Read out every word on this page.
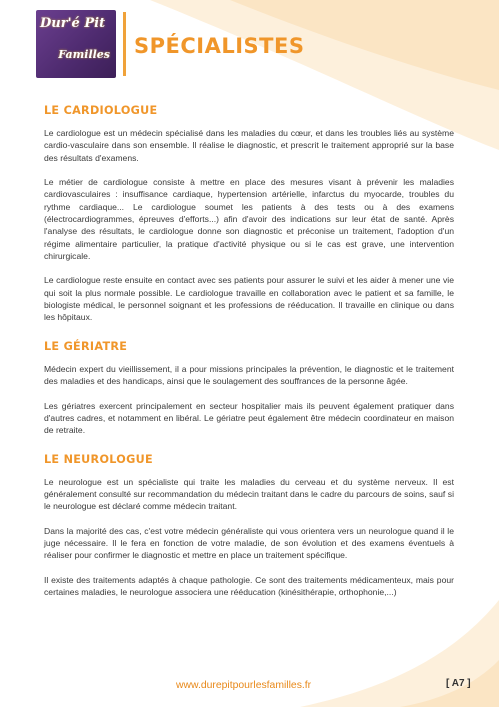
Dur'é Pit
Familles SPÉCIALISTES
LE CARDIOLOGUE

Le cardiologue est un médecin spécialisé dans les maladies du cœur, et dans les troubles liés au système cardio-vasculaire dans son ensemble. Il réalise le diagnostic, et prescrit le traitement approprié sur la base des résultats d'examens.

Le métier de cardiologue consiste à mettre en place des mesures visant à prévenir les maladies cardiovasculaires : insuffisance cardiaque, hypertension artérielle, infarctus du myocarde, troubles du rythme cardiaque... Le cardiologue soumet les patients à des tests ou à des examens (électrocardiogrammes, épreuves d'efforts...) afin d'avoir des indications sur leur état de santé. Après l'analyse des résultats, le cardiologue donne son diagnostic et préconise un traitement, l'adoption d'un régime alimentaire particulier, la pratique d'activité physique ou si le cas est grave, une intervention chirurgicale.

Le cardiologue reste ensuite en contact avec ses patients pour assurer le suivi et les aider à mener une vie qui soit la plus normale possible. Le cardiologue travaille en collaboration avec le patient et sa famille, le biologiste médical, le personnel soignant et les professions de rééducation. Il travaille en clinique ou dans les hôpitaux.

LE GÉRIATRE

Médecin expert du vieillissement, il a pour missions principales la prévention, le diagnostic et le traitement des maladies et des handicaps, ainsi que le soulagement des souffrances de la personne âgée.

Les gériatres exercent principalement en secteur hospitalier mais ils peuvent également pratiquer dans d'autres cadres, et notamment en libéral. Le gériatre peut également être médecin coordinateur en maison de retraite.

LE NEUROLOGUE

Le neurologue est un spécialiste qui traite les maladies du cerveau et du système nerveux. Il est généralement consulté sur recommandation du médecin traitant dans le cadre du parcours de soins, sauf si le neurologue est déclaré comme médecin traitant.

Dans la majorité des cas, c'est votre médecin généraliste qui vous orientera vers un neurologue quand il le juge nécessaire. Il le fera en fonction de votre maladie, de son évolution et des examens éventuels à réaliser pour confirmer le diagnostic et mettre en place un traitement spécifique.

Il existe des traitements adaptés à chaque pathologie. Ce sont des traitements médicamenteux, mais pour certaines maladies, le neurologue associera une rééducation (kinésithérapie, orthophonie,...)

www.durepitpourlesfamilles.fr	[ A7 ]
